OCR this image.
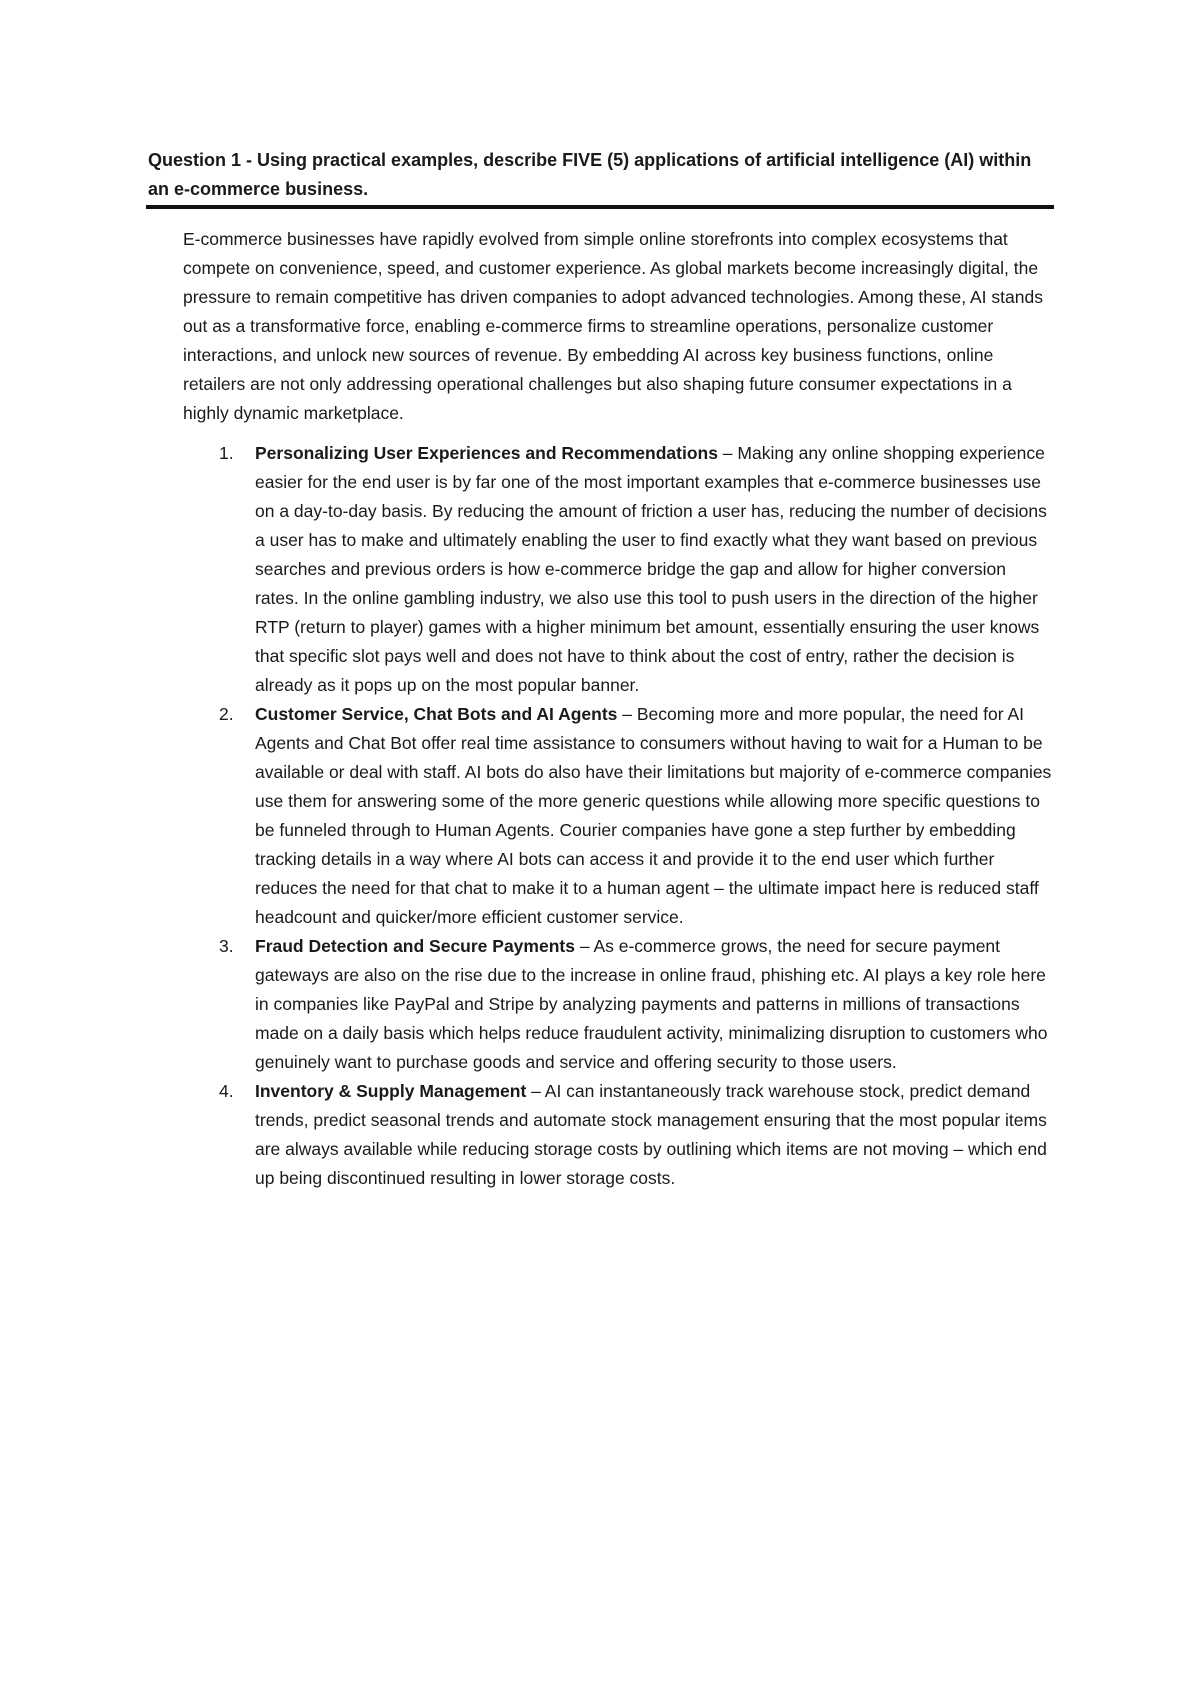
Question 1 - Using practical examples, describe FIVE (5) applications of artificial intelligence (AI) within an e-commerce business.

E-commerce businesses have rapidly evolved from simple online storefronts into complex ecosystems that compete on convenience, speed, and customer experience. As global markets become increasingly digital, the pressure to remain competitive has driven companies to adopt advanced technologies. Among these, AI stands out as a transformative force, enabling e-commerce firms to streamline operations, personalize customer interactions, and unlock new sources of revenue. By embedding AI across key business functions, online retailers are not only addressing operational challenges but also shaping future consumer expectations in a highly dynamic marketplace.

1. Personalizing User Experiences and Recommendations – Making any online shopping experience easier for the end user is by far one of the most important examples that e-commerce businesses use on a day-to-day basis. By reducing the amount of friction a user has, reducing the number of decisions a user has to make and ultimately enabling the user to find exactly what they want based on previous searches and previous orders is how e-commerce bridge the gap and allow for higher conversion rates. In the online gambling industry, we also use this tool to push users in the direction of the higher RTP (return to player) games with a higher minimum bet amount, essentially ensuring the user knows that specific slot pays well and does not have to think about the cost of entry, rather the decision is already as it pops up on the most popular banner.
2. Customer Service, Chat Bots and AI Agents – Becoming more and more popular, the need for AI Agents and Chat Bot offer real time assistance to consumers without having to wait for a Human to be available or deal with staff. AI bots do also have their limitations but majority of e-commerce companies use them for answering some of the more generic questions while allowing more specific questions to be funneled through to Human Agents. Courier companies have gone a step further by embedding tracking details in a way where AI bots can access it and provide it to the end user which further reduces the need for that chat to make it to a human agent – the ultimate impact here is reduced staff headcount and quicker/more efficient customer service.
3. Fraud Detection and Secure Payments – As e-commerce grows, the need for secure payment gateways are also on the rise due to the increase in online fraud, phishing etc. AI plays a key role here in companies like PayPal and Stripe by analyzing payments and patterns in millions of transactions made on a daily basis which helps reduce fraudulent activity, minimalizing disruption to customers who genuinely want to purchase goods and service and offering security to those users.
4. Inventory & Supply Management – AI can instantaneously track warehouse stock, predict demand trends, predict seasonal trends and automate stock management ensuring that the most popular items are always available while reducing storage costs by outlining which items are not moving – which end up being discontinued resulting in lower storage costs.
